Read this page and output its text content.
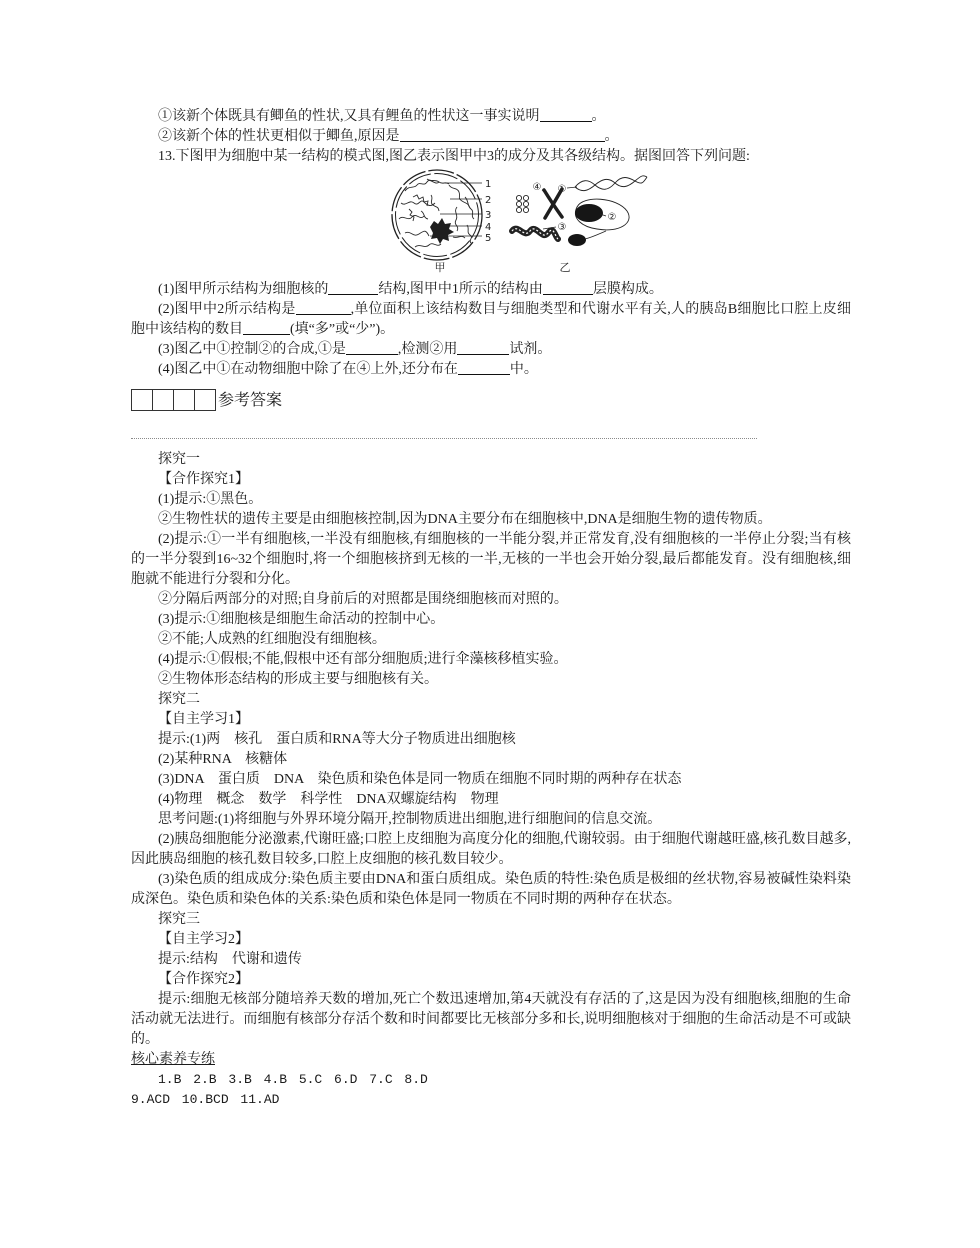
①该新个体既具有鲫鱼的性状,又具有鲤鱼的性状这一事实说明	。

②该新个体的性状更相似于鲫鱼,原因是	。

13.下图甲为细胞中某一结构的模式图,图乙表示图甲中3的成分及其各级结构。据图回答下列问题:

1
2
3
4
5
甲
④ ①
②
③
乙

(1)图甲所示结构为细胞核的	结构,图甲中1所示的结构由	层膜构成。

(2)图甲中2所示结构是	,单位面积上该结构数目与细胞类型和代谢水平有关,人的胰岛B细胞比口腔上皮细胞中该结构的数目	(填“多”或“少”)。

(3)图乙中①控制②的合成,①是	,检测②用	试剂。

(4)图乙中①在动物细胞中除了在④上外,还分布在	中。

参考答案

探究一

【合作探究1】

(1)提示:①黑色。

②生物性状的遗传主要是由细胞核控制,因为DNA主要分布在细胞核中,DNA是细胞生物的遗传物质。

(2)提示:①一半有细胞核,一半没有细胞核,有细胞核的一半能分裂,并正常发育,没有细胞核的一半停止分裂;当有核的一半分裂到16~32个细胞时,将一个细胞核挤到无核的一半,无核的一半也会开始分裂,最后都能发育。没有细胞核,细胞就不能进行分裂和分化。

②分隔后两部分的对照;自身前后的对照都是围绕细胞核而对照的。

(3)提示:①细胞核是细胞生命活动的控制中心。

②不能;人成熟的红细胞没有细胞核。

(4)提示:①假根;不能,假根中还有部分细胞质;进行伞藻核移植实验。

②生物体形态结构的形成主要与细胞核有关。

探究二

【自主学习1】

提示:(1)两　核孔　蛋白质和RNA等大分子物质进出细胞核

(2)某种RNA　核糖体

(3)DNA　蛋白质　DNA　染色质和染色体是同一物质在细胞不同时期的两种存在状态

(4)物理　概念　数学　科学性　DNA双螺旋结构　物理

思考问题:(1)将细胞与外界环境分隔开,控制物质进出细胞,进行细胞间的信息交流。

(2)胰岛细胞能分泌激素,代谢旺盛;口腔上皮细胞为高度分化的细胞,代谢较弱。由于细胞代谢越旺盛,核孔数目越多,因此胰岛细胞的核孔数目较多,口腔上皮细胞的核孔数目较少。

(3)染色质的组成成分:染色质主要由DNA和蛋白质组成。染色质的特性:染色质是极细的丝状物,容易被碱性染料染成深色。染色质和染色体的关系:染色质和染色体是同一物质在不同时期的两种存在状态。

探究三

【自主学习2】

提示:结构　代谢和遗传

【合作探究2】

提示:细胞无核部分随培养天数的增加,死亡个数迅速增加,第4天就没有存活的了,这是因为没有细胞核,细胞的生命活动就无法进行。而细胞有核部分存活个数和时间都要比无核部分多和长,说明细胞核对于细胞的生命活动是不可或缺的。

核心素养专练

1.B 2.B 3.B 4.B 5.C 6.D 7.C 8.D

9.ACD 10.BCD 11.AD
